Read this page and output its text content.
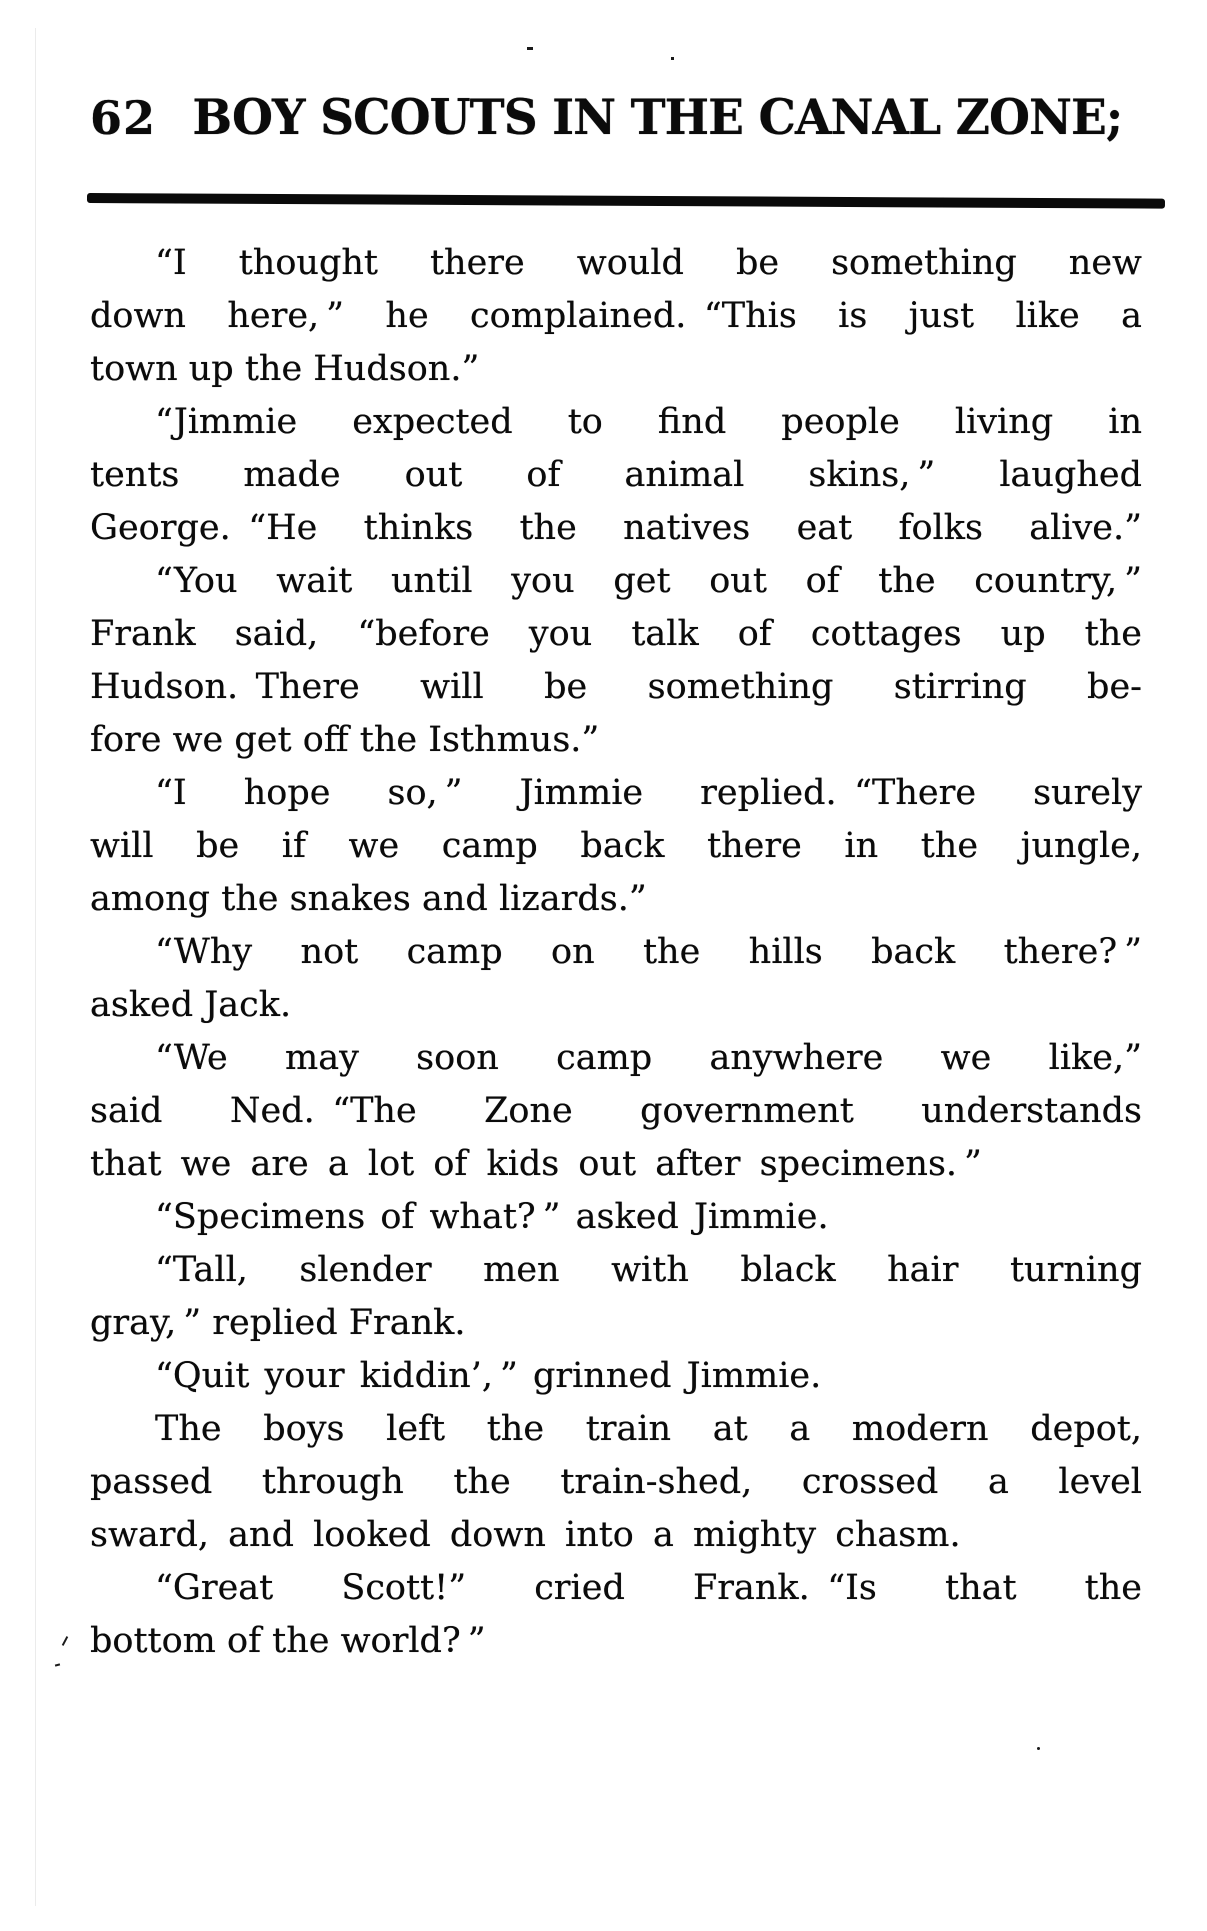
62 BOY SCOUTS IN THE CANAL ZONE;
“I thought there would be something new
down here, ” he complained. “This is just like a
town up the Hudson.”
“Jimmie expected to find people living in
tents made out of animal skins, ” laughed
George. “He thinks the natives eat folks alive.”
“You wait until you get out of the country, ”
Frank said, “before you talk of cottages up the
Hudson. There will be something stirring be-
fore we get off the Isthmus.”
“I hope so, ” Jimmie replied. “There surely
will be if we camp back there in the jungle,
among the snakes and lizards.”
“Why not camp on the hills back there? ”
asked Jack.
“We may soon camp anywhere we like,”
said Ned. “The Zone government understands
that we are a lot of kids out after specimens. ”
“Specimens of what? ” asked Jimmie.
“Tall, slender men with black hair turning
gray, ” replied Frank.
“Quit your kiddin’, ” grinned Jimmie.
The boys left the train at a modern depot,
passed through the train-shed, crossed a level
sward, and looked down into a mighty chasm.
“Great Scott!” cried Frank. “Is that the
bottom of the world? ”
